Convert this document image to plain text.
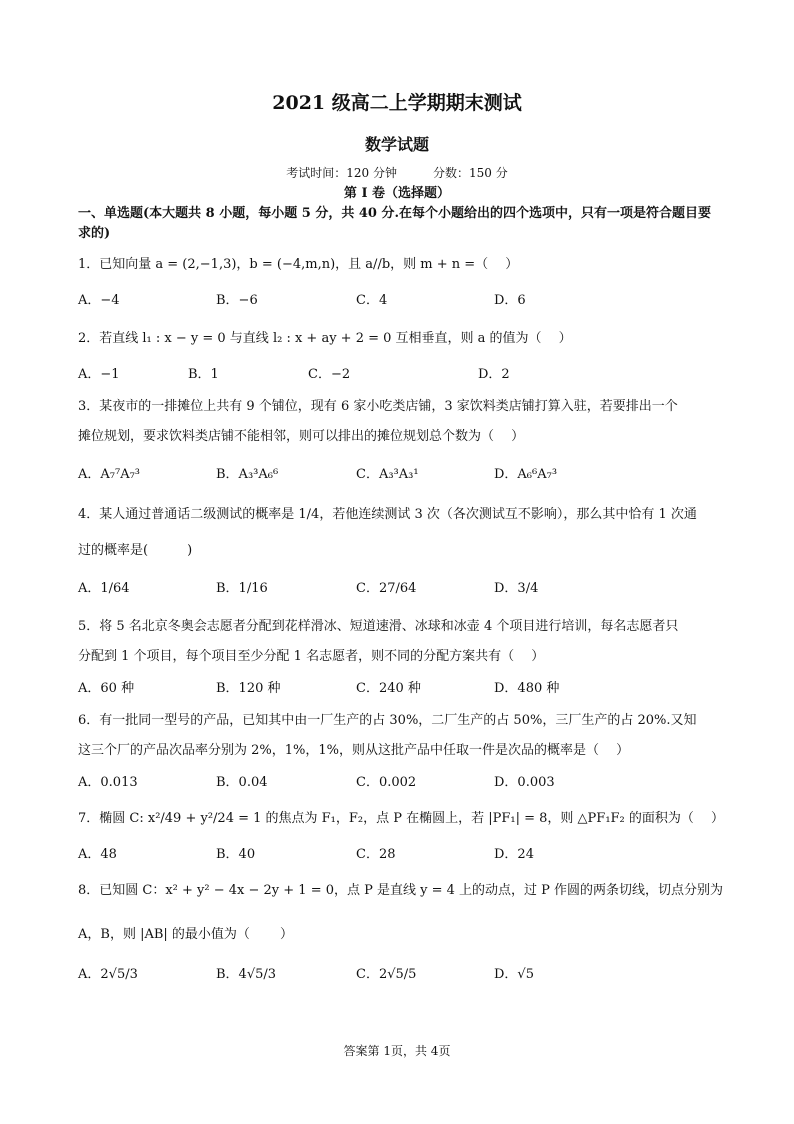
2021 级高二上学期期末测试
数学试题
考试时间：120 分钟	分数：150 分
第 I 卷（选择题）
一、单选题(本大题共 8 小题，每小题 5 分，共 40 分.在每个小题给出的四个选项中，只有一项是符合题目要求的)
1．已知向量 a = (2,−1,3)，b = (−4,m,n)，且 a//b，则 m + n =（　 ）
A．−4	B．−6	C．4	D．6
2．若直线 l₁ : x − y = 0 与直线 l₂ : x + ay + 2 = 0 互相垂直，则 a 的值为（　 ）
A．−1	B．1	C．−2	D．2
3．某夜市的一排摊位上共有 9 个铺位，现有 6 家小吃类店铺，3 家饮料类店铺打算入驻，若要排出一个
摊位规划，要求饮料类店铺不能相邻，则可以排出的摊位规划总个数为（　 ）
A．A₇⁷A₇³	B．A₃³A₆⁶	C．A₃³A₃¹	D．A₆⁶A₇³
4．某人通过普通话二级测试的概率是 1/4，若他连续测试 3 次（各次测试互不影响），那么其中恰有 1 次通
过的概率是(　　　)
A．1/64	B．1/16	C．27/64	D．3/4
5．将 5 名北京冬奥会志愿者分配到花样滑冰、短道速滑、冰球和冰壶 4 个项目进行培训，每名志愿者只
分配到 1 个项目，每个项目至少分配 1 名志愿者，则不同的分配方案共有（　 ）
A．60 种	B．120 种	C．240 种	D．480 种
6．有一批同一型号的产品，已知其中由一厂生产的占 30%，二厂生产的占 50%，三厂生产的占 20%.又知
这三个厂的产品次品率分别为 2%，1%，1%，则从这批产品中任取一件是次品的概率是（　 ）
A．0.013	B．0.04	C．0.002	D．0.003
7．椭圆 C: x²/49 + y²/24 = 1 的焦点为 F₁，F₂，点 P 在椭圆上，若 |PF₁| = 8，则 △PF₁F₂ 的面积为（　 ）
A．48	B．40	C．28	D．24
8．已知圆 C：x² + y² − 4x − 2y + 1 = 0，点 P 是直线 y = 4 上的动点，过 P 作圆的两条切线，切点分别为
A，B，则 |AB| 的最小值为（　　 ）
A．2√5/3	B．4√5/3	C．2√5/5	D．√5
答案第 1页，共 4页
